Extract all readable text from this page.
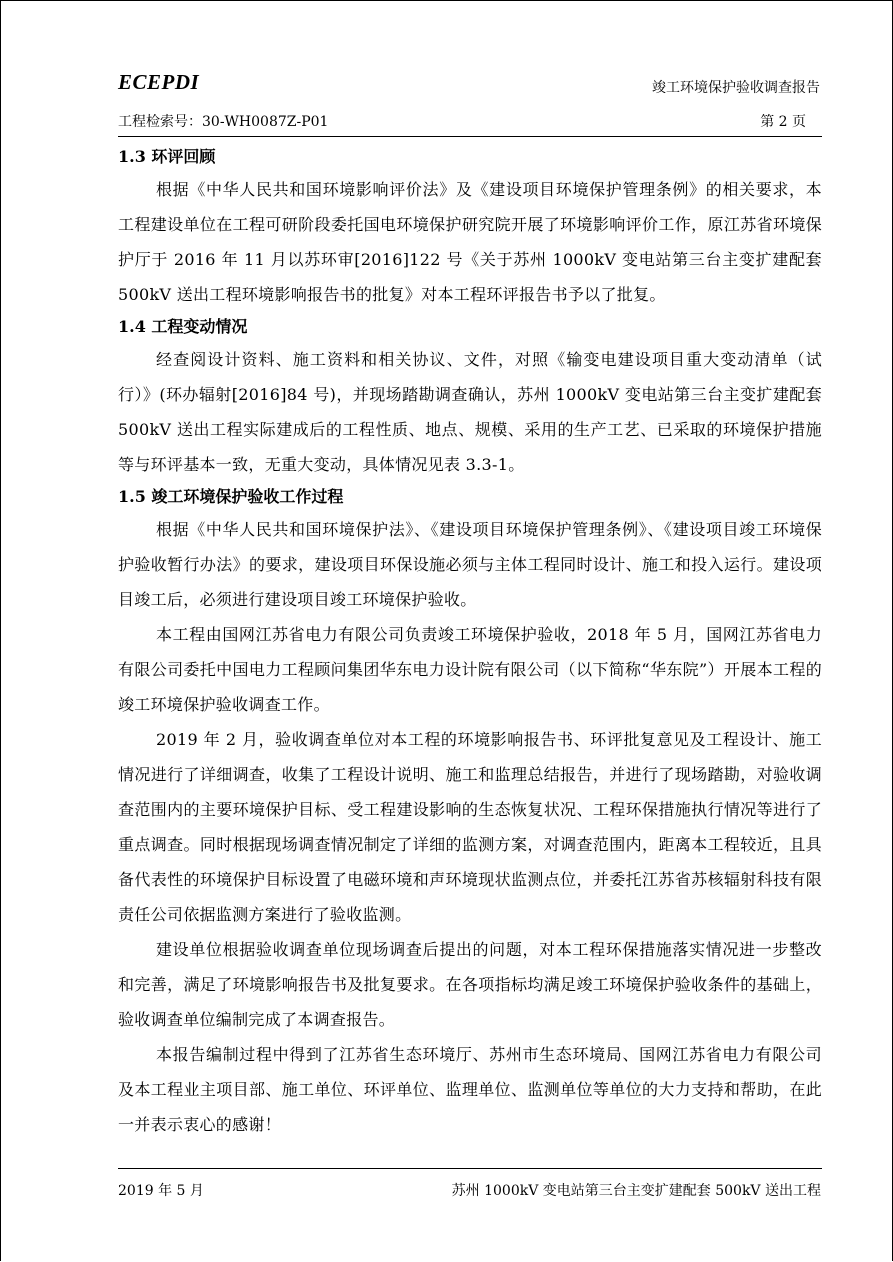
ECEPDI	竣工环境保护验收调查报告
工程检索号：30-WH0087Z-P01	第 2 页

1.3 环评回顾

根据《中华人民共和国环境影响评价法》及《建设项目环境保护管理条例》的相关要求，本工程建设单位在工程可研阶段委托国电环境保护研究院开展了环境影响评价工作，原江苏省环境保护厅于 2016 年 11 月以苏环审[2016]122 号《关于苏州 1000kV 变电站第三台主变扩建配套 500kV 送出工程环境影响报告书的批复》对本工程环评报告书予以了批复。

1.4 工程变动情况

经查阅设计资料、施工资料和相关协议、文件，对照《输变电建设项目重大变动清单（试行）》(环办辐射[2016]84 号)，并现场踏勘调查确认，苏州 1000kV 变电站第三台主变扩建配套 500kV 送出工程实际建成后的工程性质、地点、规模、采用的生产工艺、已采取的环境保护措施等与环评基本一致，无重大变动，具体情况见表 3.3-1。

1.5 竣工环境保护验收工作过程

根据《中华人民共和国环境保护法》、《建设项目环境保护管理条例》、《建设项目竣工环境保护验收暂行办法》的要求，建设项目环保设施必须与主体工程同时设计、施工和投入运行。建设项目竣工后，必须进行建设项目竣工环境保护验收。

本工程由国网江苏省电力有限公司负责竣工环境保护验收，2018 年 5 月，国网江苏省电力有限公司委托中国电力工程顾问集团华东电力设计院有限公司（以下简称“华东院”）开展本工程的竣工环境保护验收调查工作。

2019 年 2 月，验收调查单位对本工程的环境影响报告书、环评批复意见及工程设计、施工情况进行了详细调查，收集了工程设计说明、施工和监理总结报告，并进行了现场踏勘，对验收调查范围内的主要环境保护目标、受工程建设影响的生态恢复状况、工程环保措施执行情况等进行了重点调查。同时根据现场调查情况制定了详细的监测方案，对调查范围内，距离本工程较近，且具备代表性的环境保护目标设置了电磁环境和声环境现状监测点位，并委托江苏省苏核辐射科技有限责任公司依据监测方案进行了验收监测。

建设单位根据验收调查单位现场调查后提出的问题，对本工程环保措施落实情况进一步整改和完善，满足了环境影响报告书及批复要求。在各项指标均满足竣工环境保护验收条件的基础上，验收调查单位编制完成了本调查报告。

本报告编制过程中得到了江苏省生态环境厅、苏州市生态环境局、国网江苏省电力有限公司及本工程业主项目部、施工单位、环评单位、监理单位、监测单位等单位的大力支持和帮助，在此一并表示衷心的感谢！

2019 年 5 月	苏州 1000kV 变电站第三台主变扩建配套 500kV 送出工程
